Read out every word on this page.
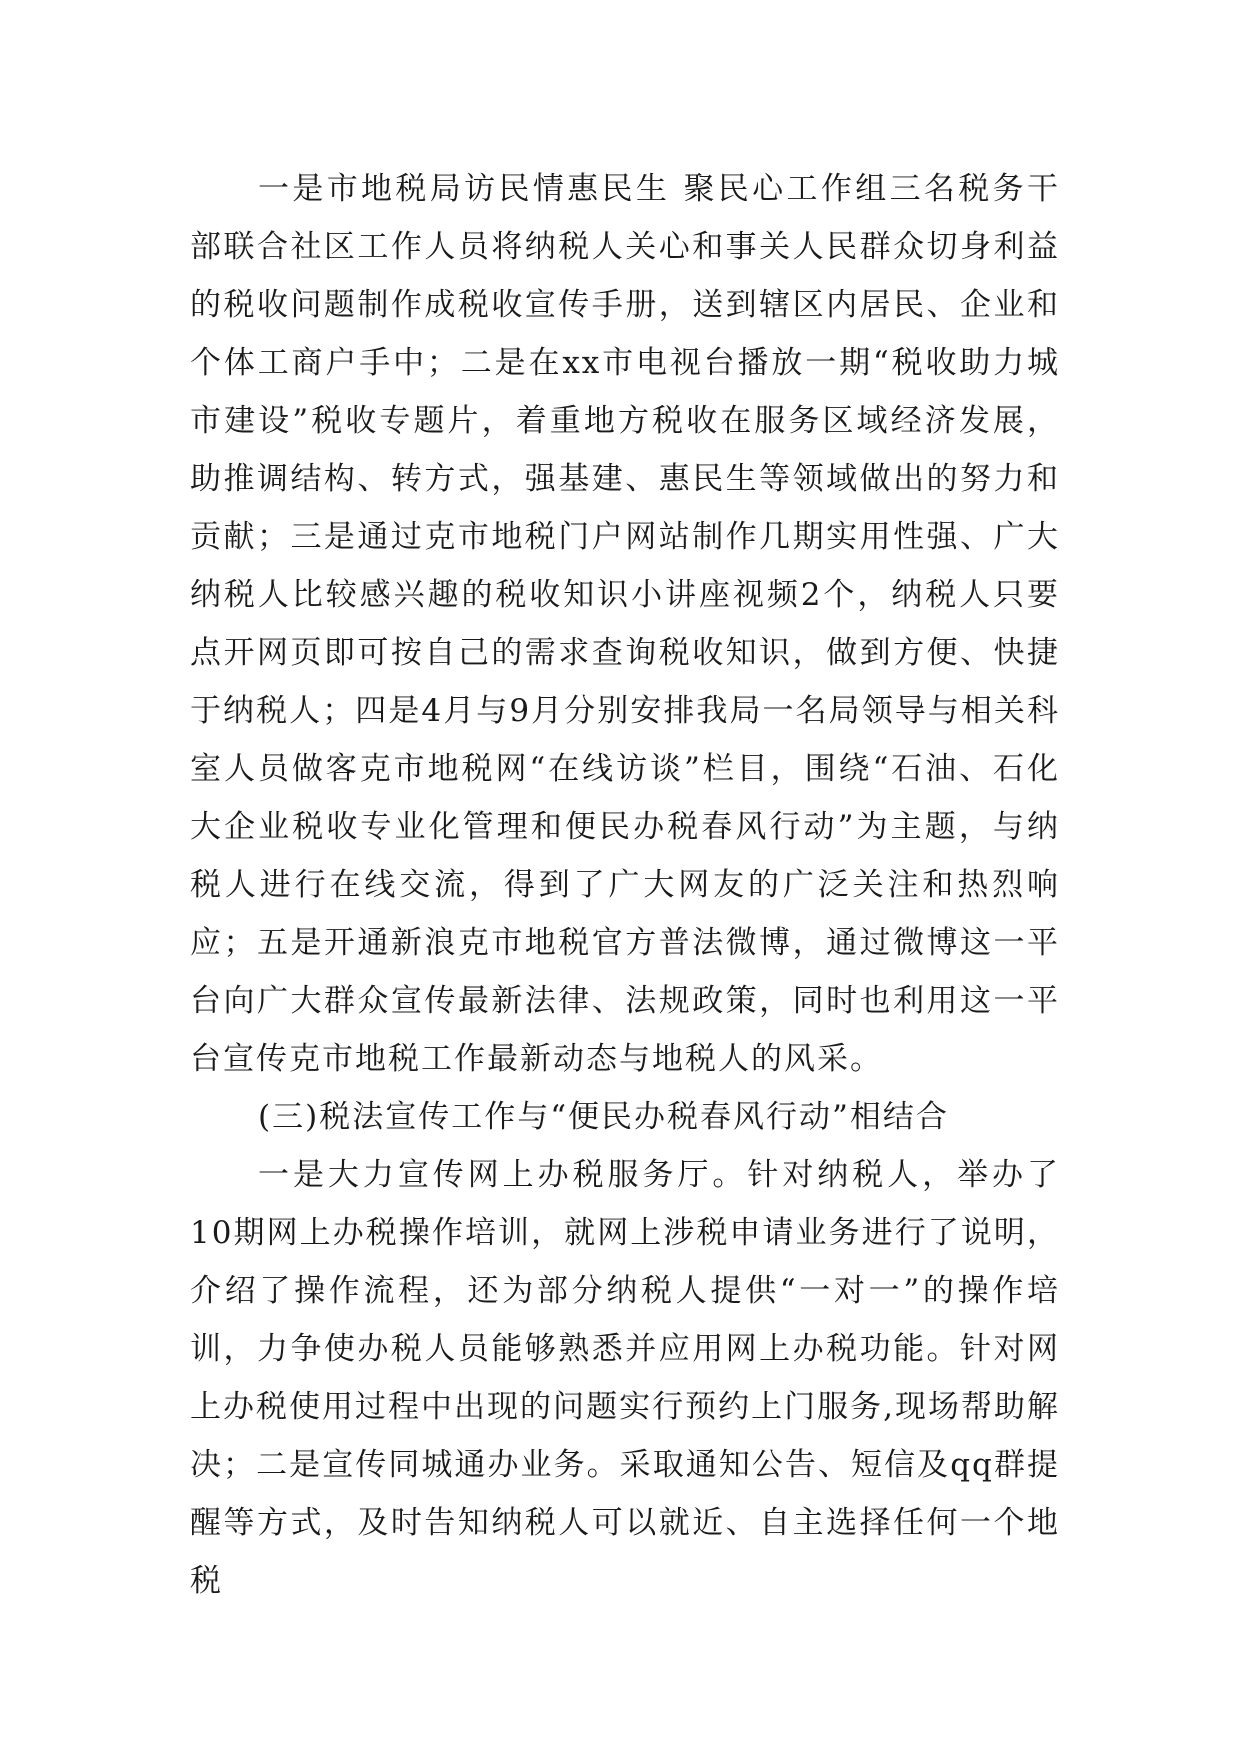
一是市地税局访民情惠民生 聚民心工作组三名税务干部联合社区工作人员将纳税人关心和事关人民群众切身利益的税收问题制作成税收宣传手册，送到辖区内居民、企业和个体工商户手中；二是在xx市电视台播放一期“税收助力城市建设”税收专题片，着重地方税收在服务区域经济发展，助推调结构、转方式，强基建、惠民生等领域做出的努力和贡献；三是通过克市地税门户网站制作几期实用性强、广大纳税人比较感兴趣的税收知识小讲座视频2个，纳税人只要点开网页即可按自己的需求查询税收知识，做到方便、快捷于纳税人；四是4月与9月分别安排我局一名局领导与相关科室人员做客克市地税网“在线访谈”栏目，围绕“石油、石化大企业税收专业化管理和便民办税春风行动”为主题，与纳税人进行在线交流，得到了广大网友的广泛关注和热烈响应；五是开通新浪克市地税官方普法微博，通过微博这一平台向广大群众宣传最新法律、法规政策，同时也利用这一平台宣传克市地税工作最新动态与地税人的风采。

(三)税法宣传工作与“便民办税春风行动”相结合

一是大力宣传网上办税服务厅。针对纳税人，举办了10期网上办税操作培训，就网上涉税申请业务进行了说明，介绍了操作流程，还为部分纳税人提供“一对一”的操作培训，力争使办税人员能够熟悉并应用网上办税功能。针对网上办税使用过程中出现的问题实行预约上门服务,现场帮助解决；二是宣传同城通办业务。采取通知公告、短信及qq群提醒等方式，及时告知纳税人可以就近、自主选择任何一个地税
